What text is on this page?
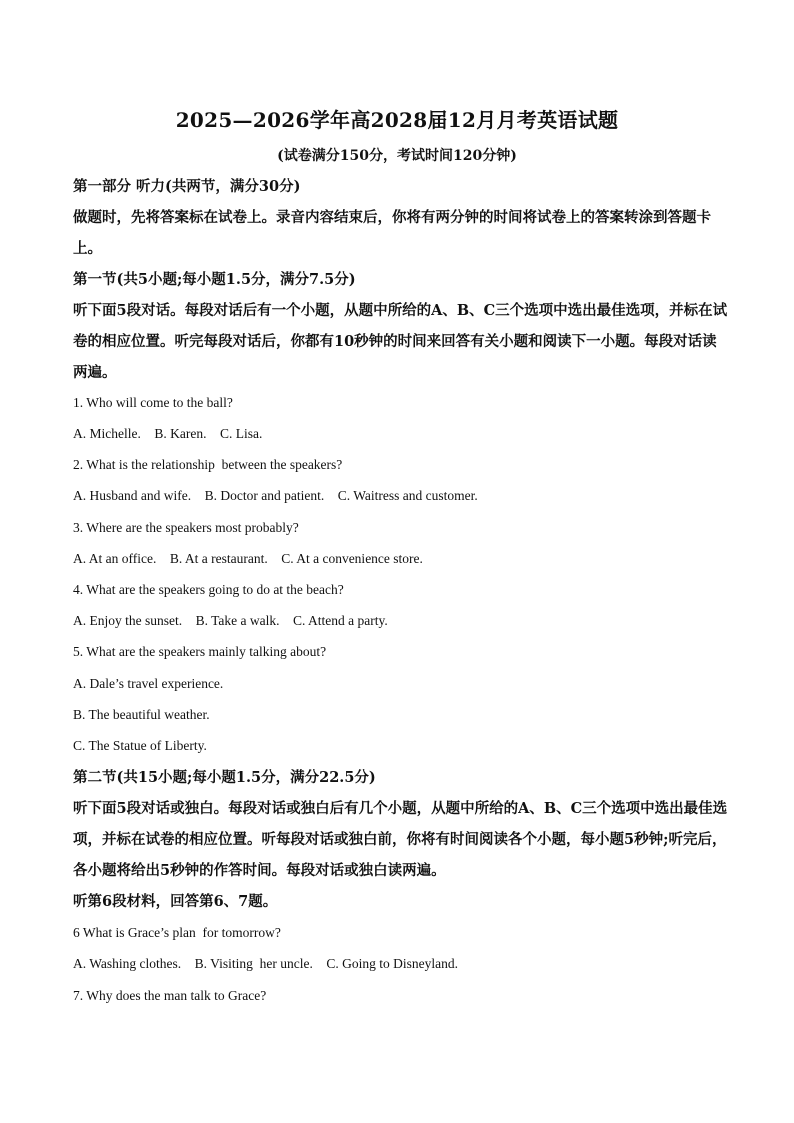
2025—2026学年高2028届12月月考英语试题
(试卷满分150分，考试时间120分钟)
第一部分 听力(共两节，满分30分)
做题时，先将答案标在试卷上。录音内容结束后，你将有两分钟的时间将试卷上的答案转涂到答题卡上。
第一节(共5小题;每小题1.5分，满分7.5分)
听下面5段对话。每段对话后有一个小题，从题中所给的A、B、C三个选项中选出最佳选项，并标在试卷的相应位置。听完每段对话后，你都有10秒钟的时间来回答有关小题和阅读下一小题。每段对话读两遍。
1. Who will come to the ball?
A. Michelle.    B. Karen.    C. Lisa.
2. What is the relationship  between the speakers?
A. Husband and wife.    B. Doctor and patient.    C. Waitress and customer.
3. Where are the speakers most probably?
A. At an office.    B. At a restaurant.    C. At a convenience store.
4. What are the speakers going to do at the beach?
A. Enjoy the sunset.    B. Take a walk.    C. Attend a party.
5. What are the speakers mainly talking about?
A. Dale’s travel experience.
B. The beautiful weather.
C. The Statue of Liberty.
第二节(共15小题;每小题1.5分，满分22.5分)
听下面5段对话或独白。每段对话或独白后有几个小题，从题中所给的A、B、C三个选项中选出最佳选项，并标在试卷的相应位置。听每段对话或独白前，你将有时间阅读各个小题，每小题5秒钟;听完后，各小题将给出5秒钟的作答时间。每段对话或独白读两遍。
听第6段材料，回答第6、7题。
6 What is Grace’s plan  for tomorrow?
A. Washing clothes.    B. Visiting  her uncle.    C. Going to Disneyland.
7. Why does the man talk to Grace?
